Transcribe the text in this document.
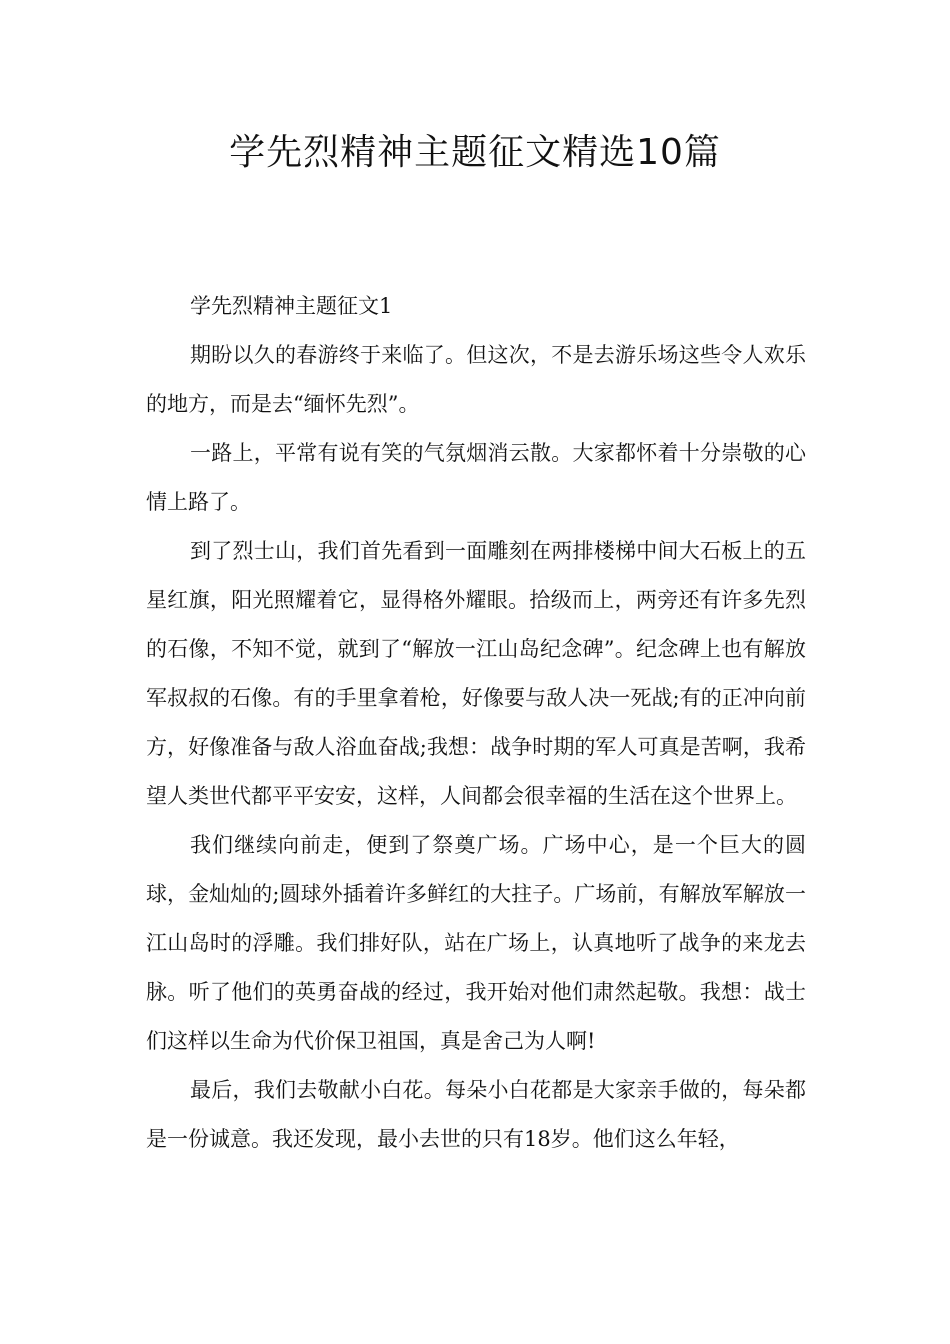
学先烈精神主题征文精选10篇

学先烈精神主题征文1

期盼以久的春游终于来临了。但这次，不是去游乐场这些令人欢乐的地方，而是去“缅怀先烈”。

一路上，平常有说有笑的气氛烟消云散。大家都怀着十分崇敬的心情上路了。

到了烈士山，我们首先看到一面雕刻在两排楼梯中间大石板上的五星红旗，阳光照耀着它，显得格外耀眼。拾级而上，两旁还有许多先烈的石像，不知不觉，就到了“解放一江山岛纪念碑”。纪念碑上也有解放军叔叔的石像。有的手里拿着枪，好像要与敌人决一死战;有的正冲向前方，好像准备与敌人浴血奋战;我想：战争时期的军人可真是苦啊，我希望人类世代都平平安安，这样，人间都会很幸福的生活在这个世界上。

我们继续向前走，便到了祭奠广场。广场中心，是一个巨大的圆球，金灿灿的;圆球外插着许多鲜红的大拄子。广场前，有解放军解放一江山岛时的浮雕。我们排好队，站在广场上，认真地听了战争的来龙去脉。听了他们的英勇奋战的经过，我开始对他们肃然起敬。我想：战士们这样以生命为代价保卫祖国，真是舍己为人啊!

最后，我们去敬献小白花。每朵小白花都是大家亲手做的，每朵都是一份诚意。我还发现，最小去世的只有18岁。他们这么年轻，
